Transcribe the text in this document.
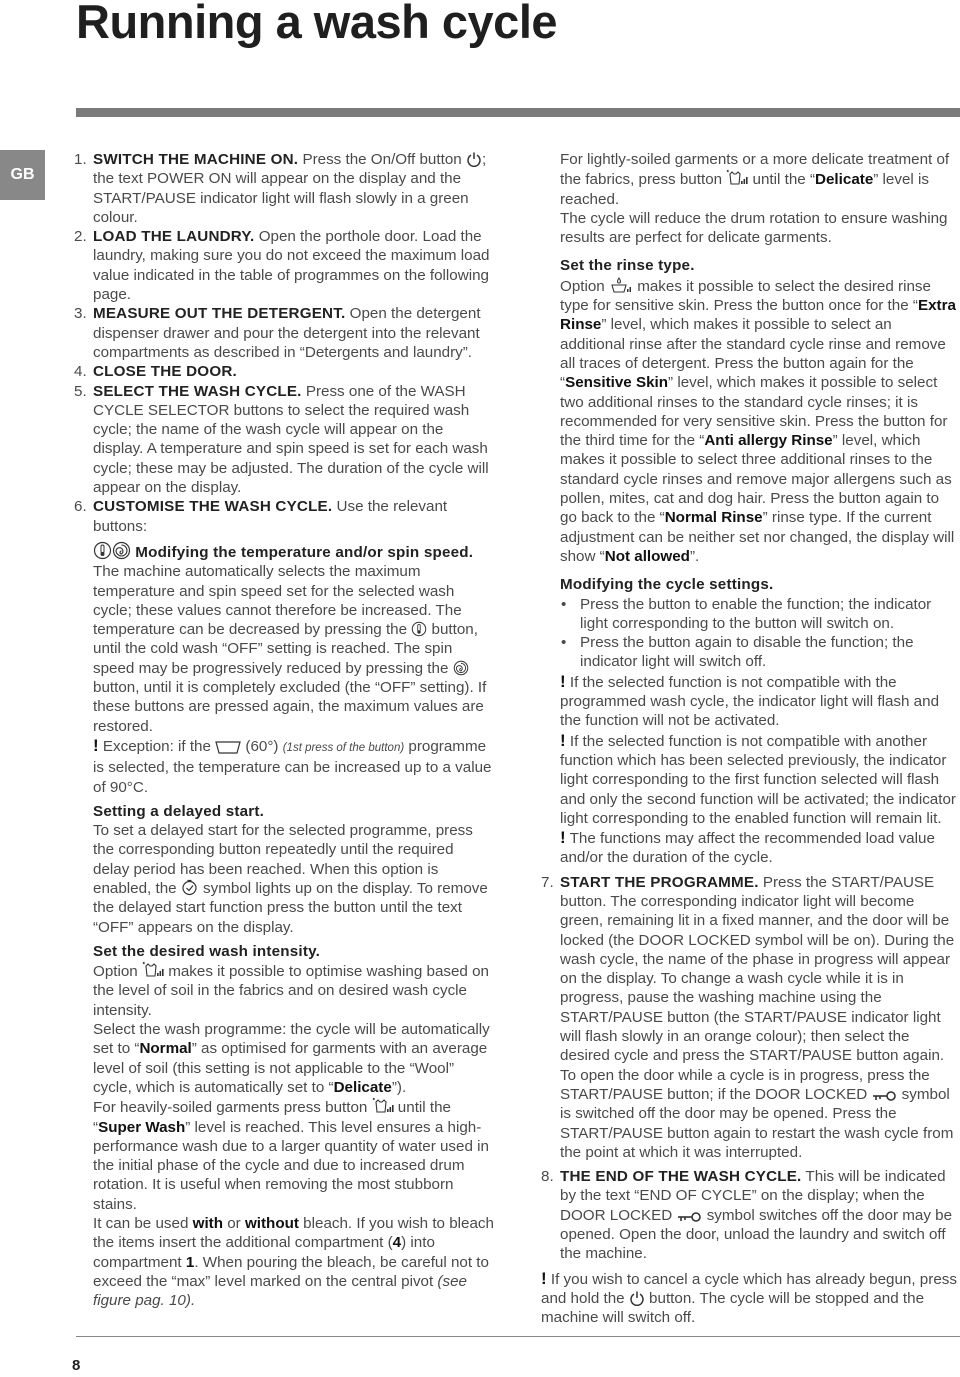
Running a wash cycle
GB
1. SWITCH THE MACHINE ON. Press the On/Off button
; the text POWER ON will appear on the display and the START/PAUSE indicator light will flash slowly in a green colour.
2. LOAD THE LAUNDRY. Open the porthole door. Load the laundry, making sure you do not exceed the maximum load value indicated in the table of programmes on the following page.
3. MEASURE OUT THE DETERGENT. Open the detergent dispenser drawer and pour the detergent into the relevant compartments as described in “Detergents and laundry”.
4. CLOSE THE DOOR.
5. SELECT THE WASH CYCLE. Press one of the WASH CYCLE SELECTOR buttons to select the required wash cycle; the name of the wash cycle will appear on the display. A temperature and spin speed is set for each wash cycle; these may be adjusted. The duration of the cycle will appear on the display.
6. CUSTOMISE THE WASH CYCLE. Use the relevant buttons:

Modifying the temperature and/or spin speed. The machine automatically selects the maximum temperature and spin speed set for the selected wash cycle; these values cannot therefore be increased. The temperature can be decreased by pressing the
button, until the cold wash “OFF” setting is reached. The spin speed may be progressively reduced by pressing the
button, until it is completely excluded (the “OFF” setting). If these buttons are pressed again, the maximum values are restored.

! Exception: if the
(60°) (1st press of the button) programme is selected, the temperature can be increased up to a value of 90°C.

Setting a delayed start.
To set a delayed start for the selected programme, press the corresponding button repeatedly until the required delay period has been reached. When this option is enabled, the
symbol lights up on the display. To remove the delayed start function press the button until the text “OFF” appears on the display.

Set the desired wash intensity.
Option
makes it possible to optimise washing based on the level of soil in the fabrics and on desired wash cycle intensity.
Select the wash programme: the cycle will be automatically set to “Normal” as optimised for garments with an average level of soil (this setting is not applicable to the “Wool” cycle, which is automatically set to “Delicate”).
For heavily-soiled garments press button
until the “Super Wash” level is reached. This level ensures a high-performance wash due to a larger quantity of water used in the initial phase of the cycle and due to increased drum rotation. It is useful when removing the most stubborn stains.
It can be used with or without bleach. If you wish to bleach the items insert the additional compartment (4) into compartment 1. When pouring the bleach, be careful not to exceed the “max” level marked on the central pivot (see figure pag. 10).

For lightly-soiled garments or a more delicate treatment of the fabrics, press button
until the “Delicate” level is reached.
The cycle will reduce the drum rotation to ensure washing results are perfect for delicate garments.

Set the rinse type.
Option
makes it possible to select the desired rinse type for sensitive skin. Press the button once for the “Extra Rinse” level, which makes it possible to select an additional rinse after the standard cycle rinse and remove all traces of detergent. Press the button again for the “Sensitive Skin” level, which makes it possible to select two additional rinses to the standard cycle rinses; it is recommended for very sensitive skin. Press the button for the third time for the “Anti allergy Rinse” level, which makes it possible to select three additional rinses to the standard cycle rinses and remove major allergens such as pollen, mites, cat and dog hair. Press the button again to go back to the “Normal Rinse” rinse type. If the current adjustment can be neither set nor changed, the display will show “Not allowed”.

Modifying the cycle settings.

• Press the button to enable the function; the indicator light corresponding to the button will switch on.
• Press the button again to disable the function; the indicator light will switch off.

! If the selected function is not compatible with the programmed wash cycle, the indicator light will flash and the function will not be activated.

! If the selected function is not compatible with another function which has been selected previously, the indicator light corresponding to the first function selected will flash and only the second function will be activated; the indicator light corresponding to the enabled function will remain lit.

! The functions may affect the recommended load value and/or the duration of the cycle.

7. START THE PROGRAMME. Press the START/PAUSE button. The corresponding indicator light will become green, remaining lit in a fixed manner, and the door will be locked (the DOOR LOCKED symbol will be on). During the wash cycle, the name of the phase in progress will appear on the display. To change a wash cycle while it is in progress, pause the washing machine using the START/PAUSE button (the START/PAUSE indicator light will flash slowly in an orange colour); then select the desired cycle and press the START/PAUSE button again. To open the door while a cycle is in progress, press the START/PAUSE button; if the DOOR LOCKED
symbol is switched off the door may be opened. Press the START/PAUSE button again to restart the wash cycle from the point at which it was interrupted.
8. THE END OF THE WASH CYCLE. This will be indicated by the text “END OF CYCLE” on the display; when the DOOR LOCKED
symbol switches off the door may be opened. Open the door, unload the laundry and switch off the machine.

! If you wish to cancel a cycle which has already begun, press and hold the
button. The cycle will be stopped and the machine will switch off.

8
